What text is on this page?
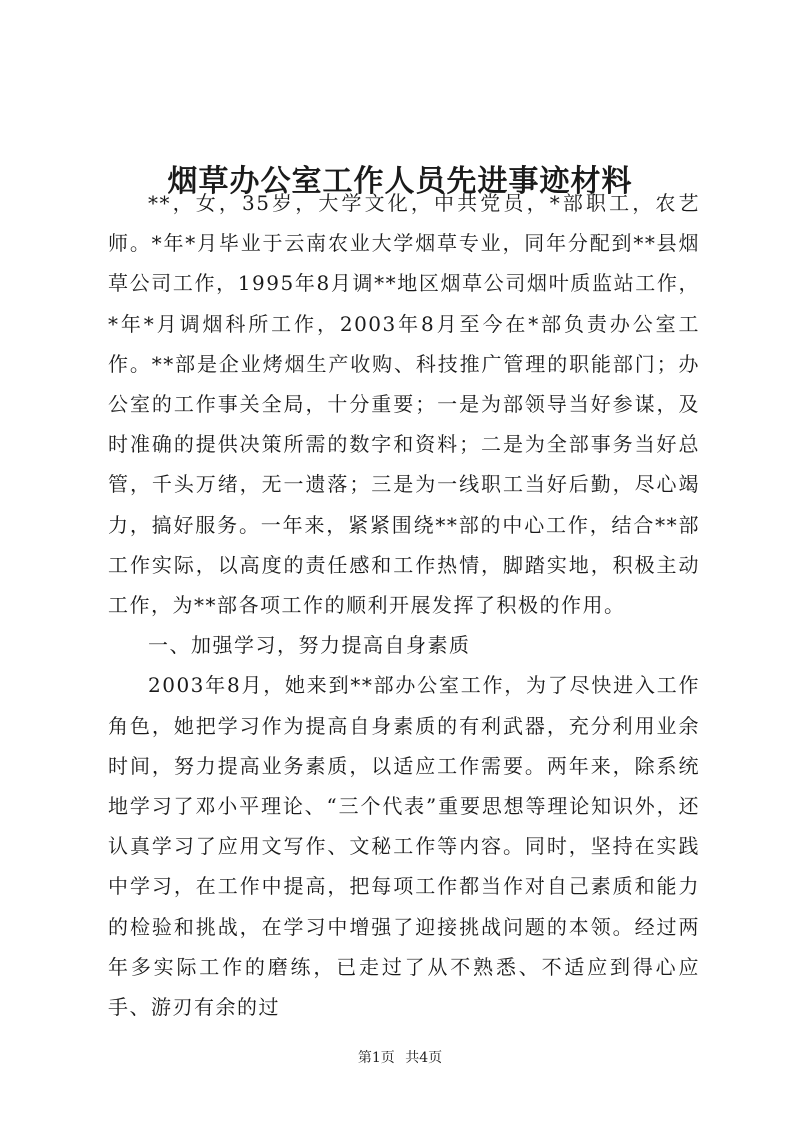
烟草办公室工作人员先进事迹材料

**，女，35岁，大学文化，中共党员，*部职工，农艺师。*年*月毕业于云南农业大学烟草专业，同年分配到**县烟草公司工作，1995年8月调**地区烟草公司烟叶质监站工作，*年*月调烟科所工作，2003年8月至今在*部负责办公室工作。**部是企业烤烟生产收购、科技推广管理的职能部门；办公室的工作事关全局，十分重要；一是为部领导当好参谋，及时准确的提供决策所需的数字和资料；二是为全部事务当好总管，千头万绪，无一遗落；三是为一线职工当好后勤，尽心竭力，搞好服务。一年来，紧紧围绕**部的中心工作，结合**部工作实际，以高度的责任感和工作热情，脚踏实地，积极主动工作，为**部各项工作的顺利开展发挥了积极的作用。

一、加强学习，努力提高自身素质

2003年8月，她来到**部办公室工作，为了尽快进入工作角色，她把学习作为提高自身素质的有利武器，充分利用业余时间，努力提高业务素质，以适应工作需要。两年来，除系统地学习了邓小平理论、“三个代表”重要思想等理论知识外，还认真学习了应用文写作、文秘工作等内容。同时，坚持在实践中学习，在工作中提高，把每项工作都当作对自己素质和能力的检验和挑战，在学习中增强了迎接挑战问题的本领。经过两年多实际工作的磨练，已走过了从不熟悉、不适应到得心应手、游刃有余的过

第1页 共4页
